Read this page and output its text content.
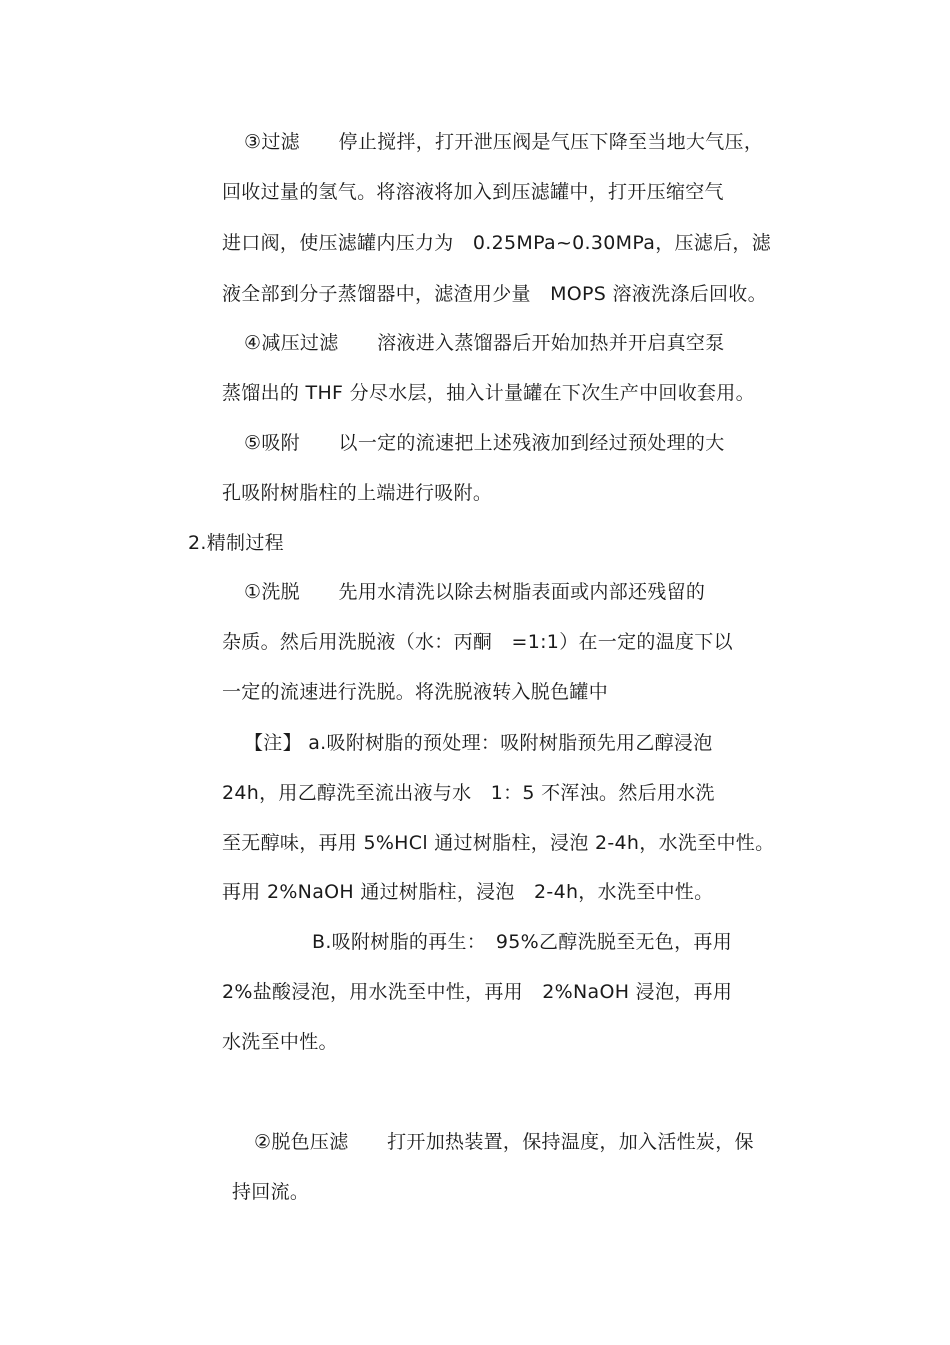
③过滤　　停止搅拌，打开泄压阀是气压下降至当地大气压，
回收过量的氢气。将溶液将加入到压滤罐中，打开压缩空气
进口阀，使压滤罐内压力为　0.25MPa~0.30MPa，压滤后，滤
液全部到分子蒸馏器中，滤渣用少量　MOPS 溶液洗涤后回收。
④减压过滤　　溶液进入蒸馏器后开始加热并开启真空泵
蒸馏出的 THF 分尽水层，抽入计量罐在下次生产中回收套用。
⑤吸附　　以一定的流速把上述残液加到经过预处理的大
孔吸附树脂柱的上端进行吸附。
2.精制过程
①洗脱　　先用水清洗以除去树脂表面或内部还残留的
杂质。然后用洗脱液（水：丙酮　=1:1）在一定的温度下以
一定的流速进行洗脱。将洗脱液转入脱色罐中
【注】 a.吸附树脂的预处理：吸附树脂预先用乙醇浸泡
24h，用乙醇洗至流出液与水　1：5 不浑浊。然后用水洗
至无醇味，再用 5%HCl 通过树脂柱，浸泡 2-4h，水洗至中性。
再用 2%NaOH 通过树脂柱，浸泡　2-4h，水洗至中性。
B.吸附树脂的再生：　95%乙醇洗脱至无色，再用
2%盐酸浸泡，用水洗至中性，再用　2%NaOH 浸泡，再用
水洗至中性。
②脱色压滤　　打开加热装置，保持温度，加入活性炭，保
持回流。
